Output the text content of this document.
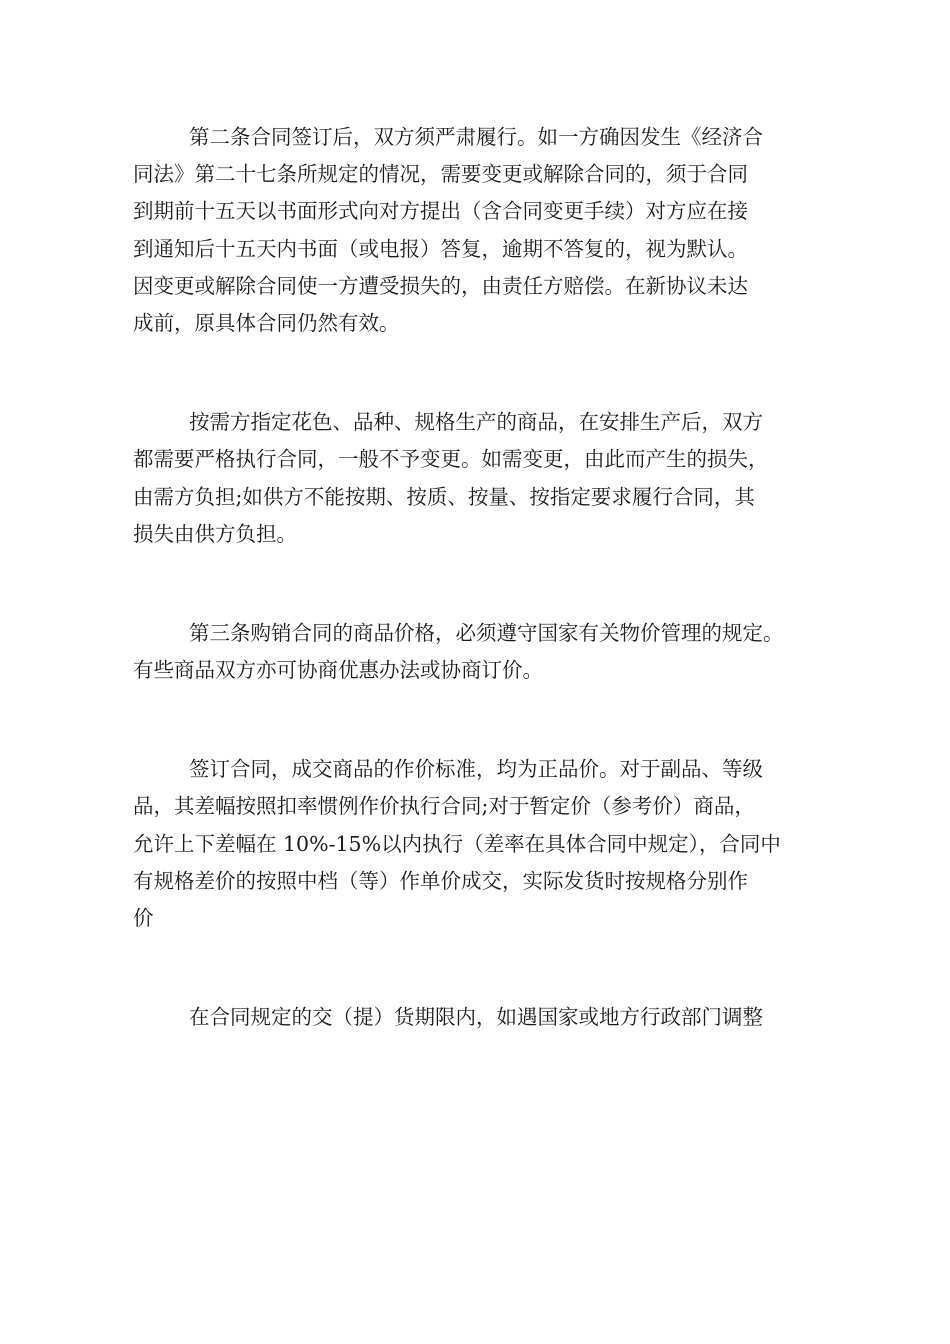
第二条合同签订后，双方须严肃履行。如一方确因发生《经济合
同法》第二十七条所规定的情况，需要变更或解除合同的，须于合同
到期前十五天以书面形式向对方提出（含合同变更手续）对方应在接
到通知后十五天内书面（或电报）答复，逾期不答复的，视为默认。
因变更或解除合同使一方遭受损失的，由责任方赔偿。在新协议未达
成前，原具体合同仍然有效。

按需方指定花色、品种、规格生产的商品，在安排生产后，双方
都需要严格执行合同，一般不予变更。如需变更，由此而产生的损失，
由需方负担;如供方不能按期、按质、按量、按指定要求履行合同，其
损失由供方负担。

第三条购销合同的商品价格，必须遵守国家有关物价管理的规定。
有些商品双方亦可协商优惠办法或协商订价。

签订合同，成交商品的作价标准，均为正品价。对于副品、等级
品，其差幅按照扣率惯例作价执行合同;对于暂定价（参考价）商品，
允许上下差幅在 10%-15%以内执行（差率在具体合同中规定），合同中
有规格差价的按照中档（等）作单价成交，实际发货时按规格分别作
价

在合同规定的交（提）货期限内，如遇国家或地方行政部门调整
